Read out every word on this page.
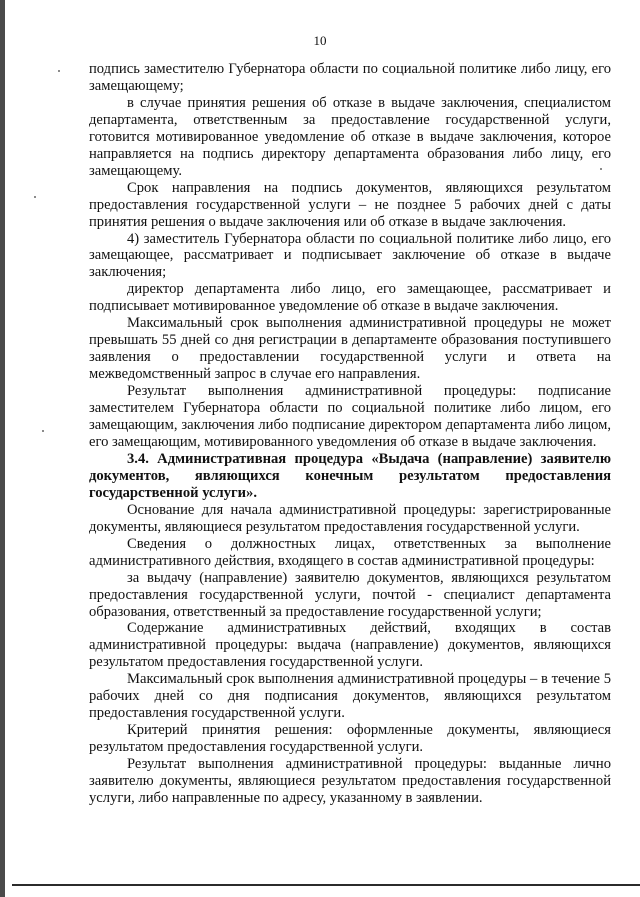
10

подпись заместителю Губернатора области по социальной политике либо лицу, его замещающему;

в случае принятия решения об отказе в выдаче заключения, специалистом департамента, ответственным за предоставление государственной услуги, готовится мотивированное уведомление об отказе в выдаче заключения, которое направляется на подпись директору департамента образования либо лицу, его замещающему.

Срок направления на подпись документов, являющихся результатом предоставления государственной услуги – не позднее 5 рабочих дней с даты принятия решения о выдаче заключения или об отказе в выдаче заключения.

4) заместитель Губернатора области по социальной политике либо лицо, его замещающее, рассматривает и подписывает заключение об отказе в выдаче заключения;

директор департамента либо лицо, его замещающее, рассматривает и подписывает мотивированное уведомление об отказе в выдаче заключения.

Максимальный срок выполнения административной процедуры не может превышать 55 дней со дня регистрации в департаменте образования поступившего заявления о предоставлении государственной услуги и ответа на межведомственный запрос в случае его направления.

Результат выполнения административной процедуры: подписание заместителем Губернатора области по социальной политике либо лицом, его замещающим, заключения либо подписание директором департамента либо лицом, его замещающим, мотивированного уведомления об отказе в выдаче заключения.

3.4. Административная процедура «Выдача (направление) заявителю документов, являющихся конечным результатом предоставления государственной услуги».

Основание для начала административной процедуры: зарегистрированные документы, являющиеся результатом предоставления государственной услуги.

Сведения о должностных лицах, ответственных за выполнение административного действия, входящего в состав административной процедуры:

за выдачу (направление) заявителю документов, являющихся результатом предоставления государственной услуги, почтой - специалист департамента образования, ответственный за предоставление государственной услуги;

Содержание административных действий, входящих в состав административной процедуры: выдача (направление) документов, являющихся результатом предоставления государственной услуги.

Максимальный срок выполнения административной процедуры – в течение 5 рабочих дней со дня подписания документов, являющихся результатом предоставления государственной услуги.

Критерий принятия решения: оформленные документы, являющиеся результатом предоставления государственной услуги.

Результат выполнения административной процедуры: выданные лично заявителю документы, являющиеся результатом предоставления государственной услуги, либо направленные по адресу, указанному в заявлении.
